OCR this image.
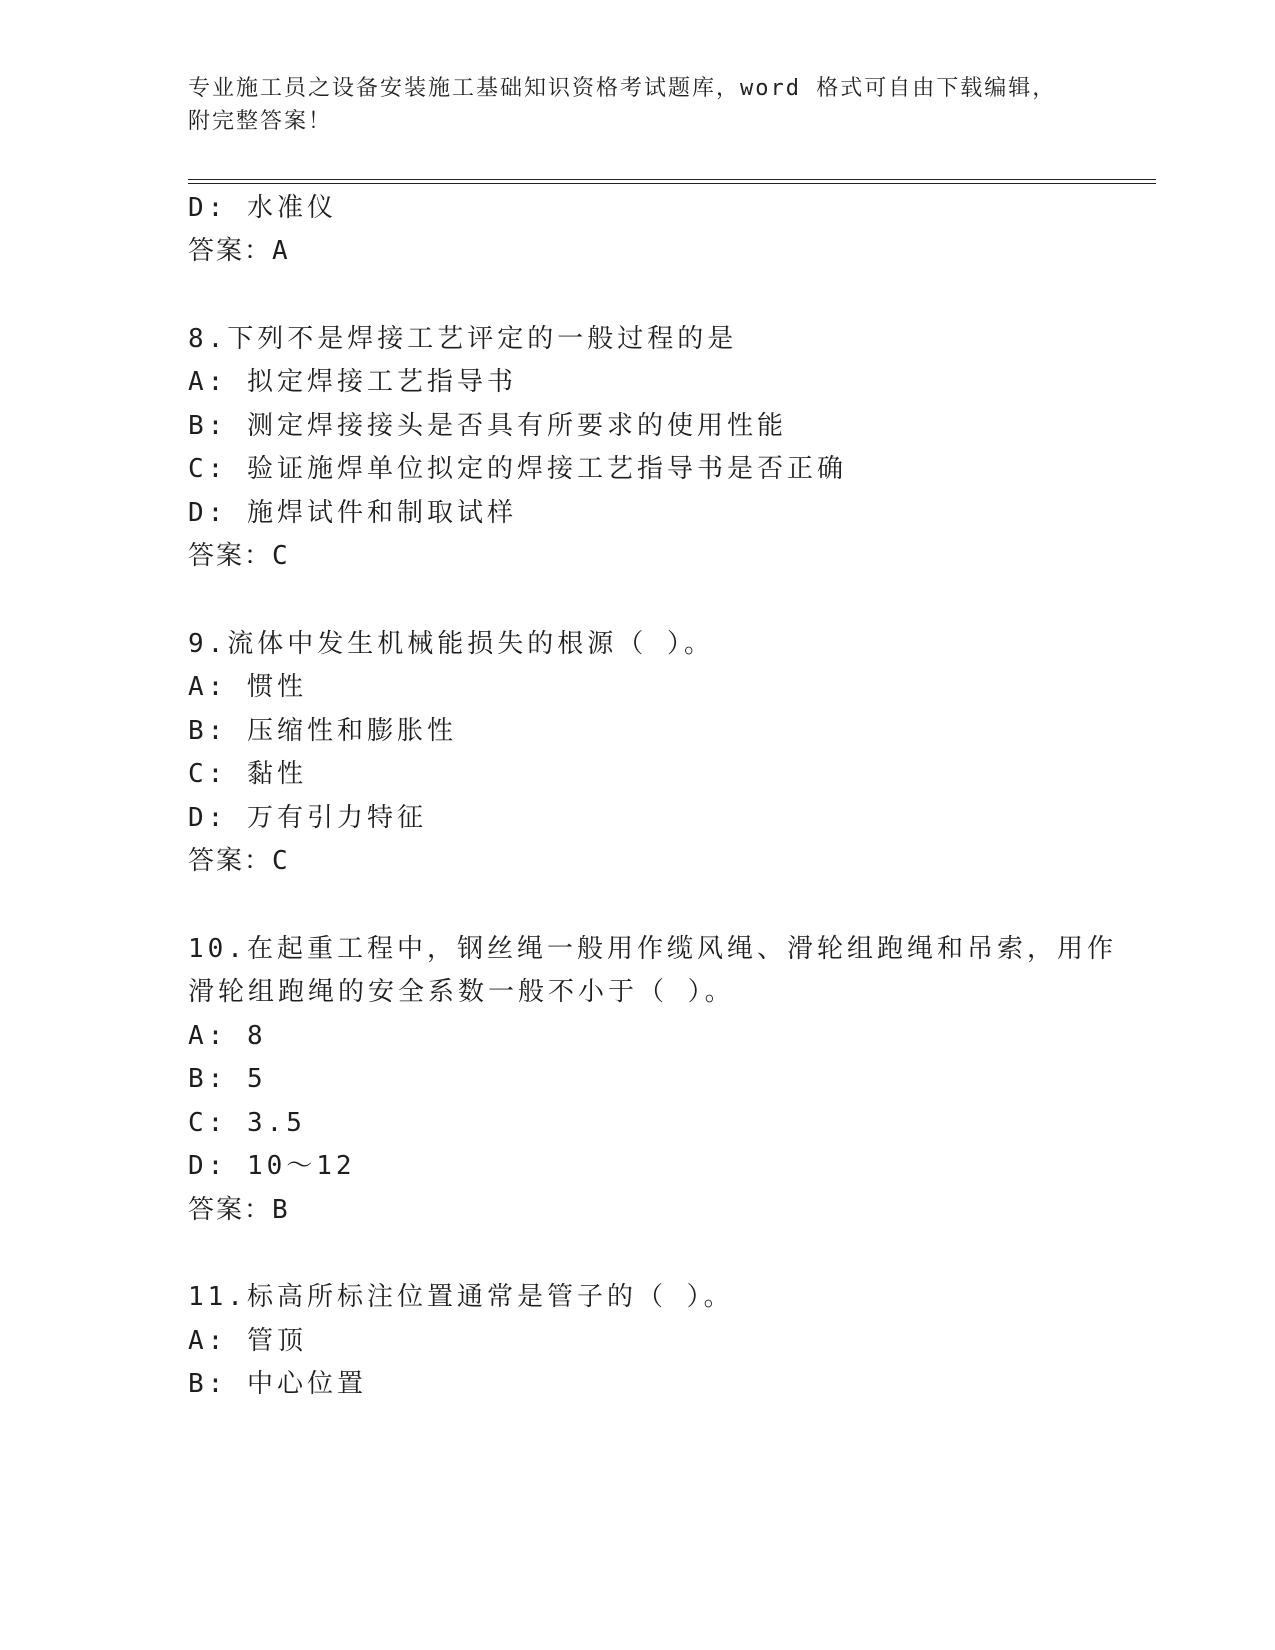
专业施工员之设备安装施工基础知识资格考试题库，word 格式可自由下载编辑，
附完整答案！
D: 水准仪
答案：A
8.下列不是焊接工艺评定的一般过程的是
A: 拟定焊接工艺指导书
B: 测定焊接接头是否具有所要求的使用性能
C: 验证施焊单位拟定的焊接工艺指导书是否正确
D: 施焊试件和制取试样
答案：C
9.流体中发生机械能损失的根源（ ）。
A: 惯性
B: 压缩性和膨胀性
C: 黏性
D: 万有引力特征
答案：C
10.在起重工程中，钢丝绳一般用作缆风绳、滑轮组跑绳和吊索，用作
滑轮组跑绳的安全系数一般不小于（ ）。
A: 8
B: 5
C: 3.5
D: 10～12
答案：B
11.标高所标注位置通常是管子的（ ）。
A: 管顶
B: 中心位置
